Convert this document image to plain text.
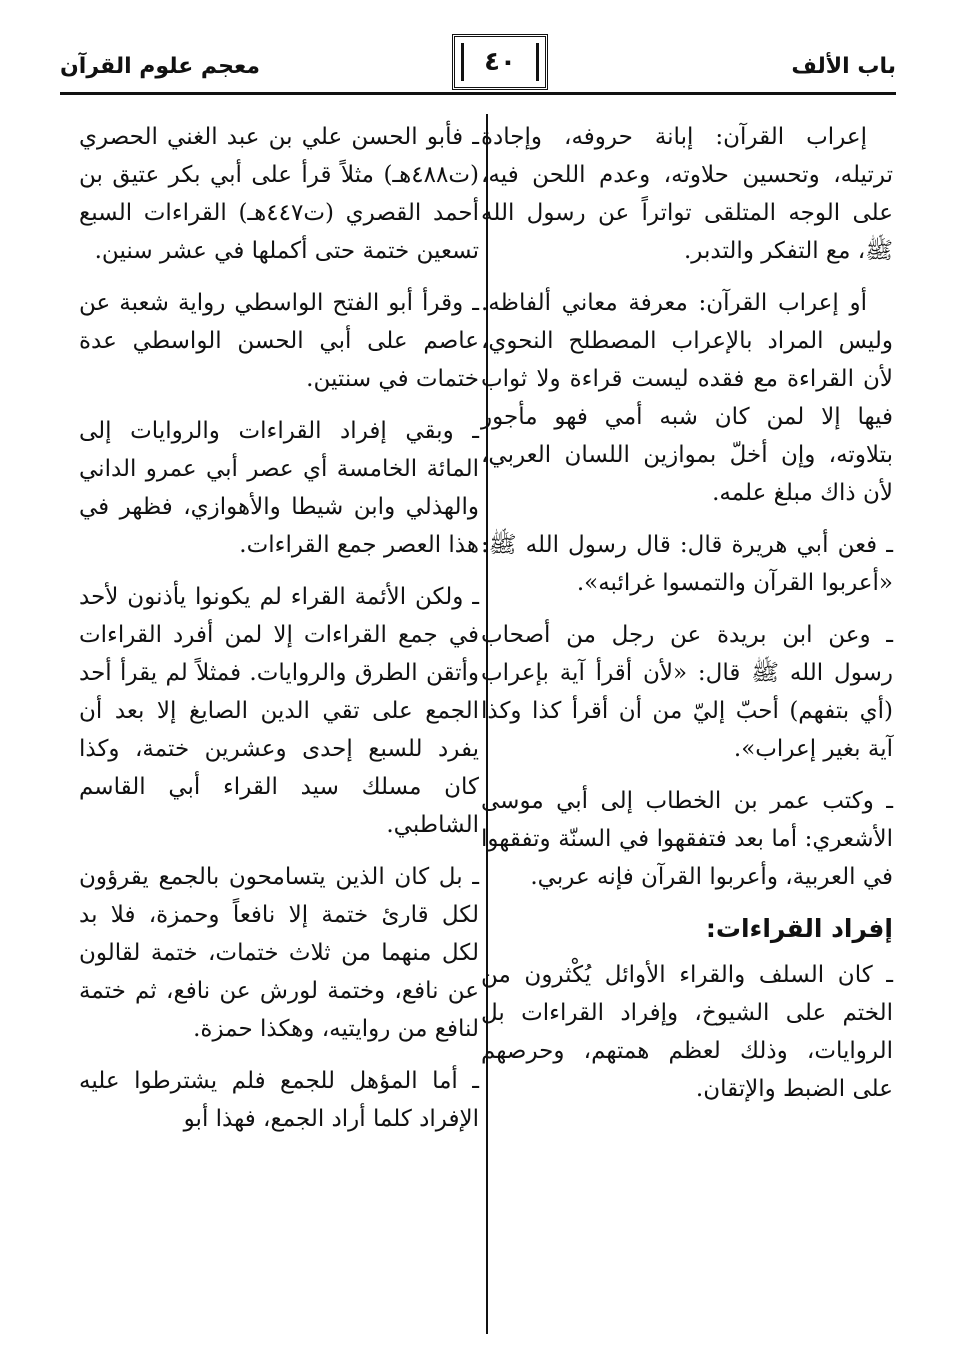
باب الألف
٤٠
معجم علوم القرآن

إعراب القرآن: إبانة حروفه، وإجادة ترتيله، وتحسين حلاوته، وعدم اللحن فيه، على الوجه المتلقى تواتراً عن رسول الله ﷺ، مع التفكر والتدبر.

أو إعراب القرآن: معرفة معاني ألفاظه. وليس المراد بالإعراب المصطلح النحوي، لأن القراءة مع فقده ليست قراءة ولا ثواب فيها إلا لمن كان شبه أمي فهو مأجور بتلاوته، وإن أخلّ بموازين اللسان العربي، لأن ذاك مبلغ علمه.

ـ فعن أبي هريرة قال: قال رسول الله ﷺ: «أعربوا القرآن والتمسوا غرائبه».

ـ وعن ابن بريدة عن رجل من أصحاب رسول الله ﷺ قال: «لأن أقرأ آية بإعراب (أي بتفهم) أحبّ إليّ من أن أقرأ كذا وكذا آية بغير إعراب».

ـ وكتب عمر بن الخطاب إلى أبي موسى الأشعري: أما بعد فتفقهوا في السنّة وتفقهوا في العربية، وأعربوا القرآن فإنه عربي.

إفراد القراءات:

ـ كان السلف والقراء الأوائل يُكْثرون من الختم على الشيوخ، وإفراد القراءات بل الروايات، وذلك لعظم همتهم، وحرصهم على الضبط والإتقان.

ـ فأبو الحسن علي بن عبد الغني الحصري (ت٤٨٨هـ) مثلاً قرأ على أبي بكر عتيق بن أحمد القصري (ت٤٤٧هـ) القراءات السبع تسعين ختمة حتى أكملها في عشر سنين.

ـ وقرأ أبو الفتح الواسطي رواية شعبة عن عاصم على أبي الحسن الواسطي عدة ختمات في سنتين.

ـ وبقي إفراد القراءات والروايات إلى المائة الخامسة أي عصر أبي عمرو الداني والهذلي وابن شيطا والأهوازي، فظهر في هذا العصر جمع القراءات.

ـ ولكن الأئمة القراء لم يكونوا يأذنون لأحد في جمع القراءات إلا لمن أفرد القراءات وأتقن الطرق والروايات. فمثلاً لم يقرأ أحد الجمع على تقي الدين الصايغ إلا بعد أن يفرد للسبع إحدى وعشرين ختمة، وكذا كان مسلك سيد القراء أبي القاسم الشاطبي.

ـ بل كان الذين يتسامحون بالجمع يقرؤون لكل قارئ ختمة إلا نافعاً وحمزة، فلا بد لكل منهما من ثلاث ختمات، ختمة لقالون عن نافع، وختمة لورش عن نافع، ثم ختمة لنافع من روايتيه، وهكذا حمزة.

ـ أما المؤهل للجمع فلم يشترطوا عليه الإفراد كلما أراد الجمع، فهذا أبو
